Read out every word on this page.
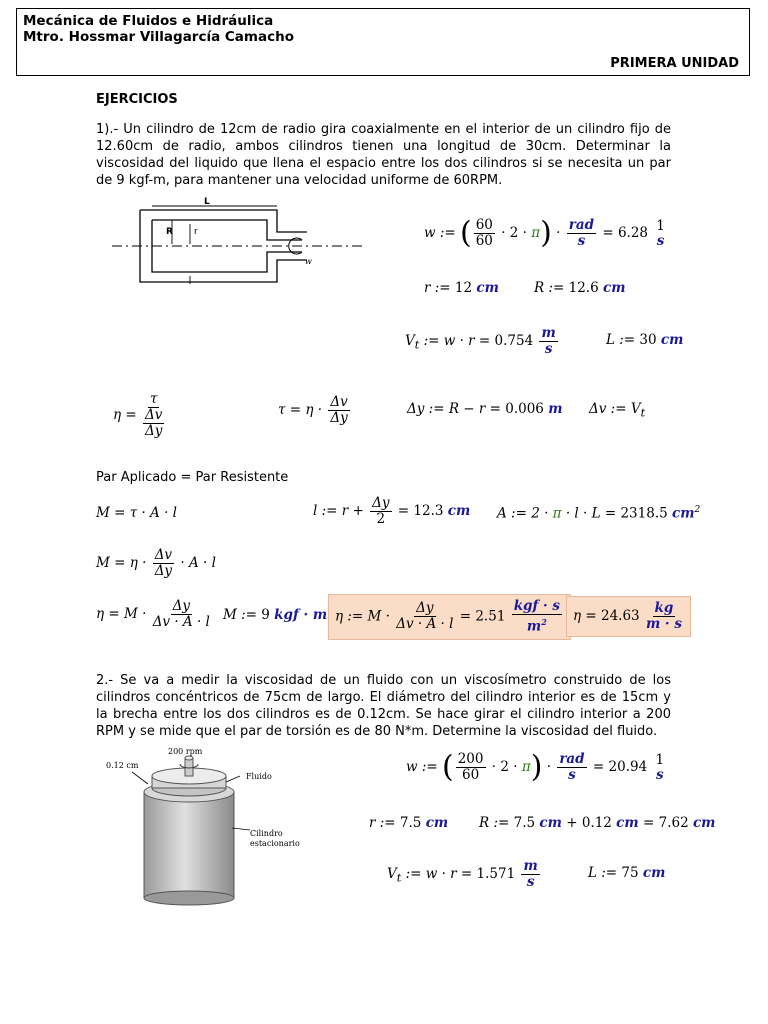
Mecánica de Fluidos e Hidráulica
Mtro. Hossmar Villagarcía Camacho
PRIMERA UNIDAD
EJERCICIOS
1).- Un cilindro de 12cm de radio gira coaxialmente en el interior de un cilindro fijo de 12.60cm de radio, ambos cilindros tienen una longitud de 30cm. Determinar la viscosidad del liquido que llena el espacio entre los dos cilindros si se necesita un par de 9 kgf-m, para mantener una velocidad uniforme de 60RPM.
L
R r
w
w := ( $\frac{60}{60} \cdot 2 \cdot \pi) \cdot \frac{\text{rad}}{s} = 6.28$ 1
s
r := 12 cm	R := 12.6 cm
$V_t$ := $w \cdot r = 0.754 \frac{m}{s}$	L := 30 cm
$\eta = \frac{\tau}{\frac{\Delta v}{\Delta y}}$	$\tau = \eta \cdot \frac{\Delta v}{\Delta y}$	Δy := R − r = 0.006 m Δv := $V_t$
Par Aplicado = Par Resistente
M = τ · A · l	l := $r + \frac{\Delta y}{2} = 12.3$ cm A := 2 · π · l · L = 2318.5 $cm^2$
$M = \eta \cdot \frac{\Delta v}{\Delta y} \cdot A \cdot l$
$\eta = M \cdot \frac{\Delta y}{\Delta v \cdot A \cdot l}$ M := 9 kgf · m η := $M \cdot \frac{\Delta y}{\Delta v \cdot A \cdot l} = 2.51 \frac{\text{kgf · s}}{m^2}$ $\eta = 24.63 \frac{kg}{m \cdot s}$
2.- Se va a medir la viscosidad de un fluido con un viscosímetro construido de los cilindros concéntricos de 75cm de largo. El diámetro del cilindro interior es de 15cm y la brecha entre los dos cilindros es de 0.12cm. Se hace girar el cilindro interior a 200 RPM y se mide que el par de torsión es de 80 N*m. Determine la viscosidad del fluido.
200 rpm
0.12 cm
Fluido
Cilindro
estacionario
w := ( $\frac{200}{60} \cdot 2 \cdot \pi) \cdot \frac{\text{rad}}{s} = 20.94$ 1
s
r := 7.5 cm R := 7.5 cm + 0.12 cm = 7.62 cm
$V_t$ := $w \cdot r = 1.571 \frac{m}{s}$	L := 75 cm
